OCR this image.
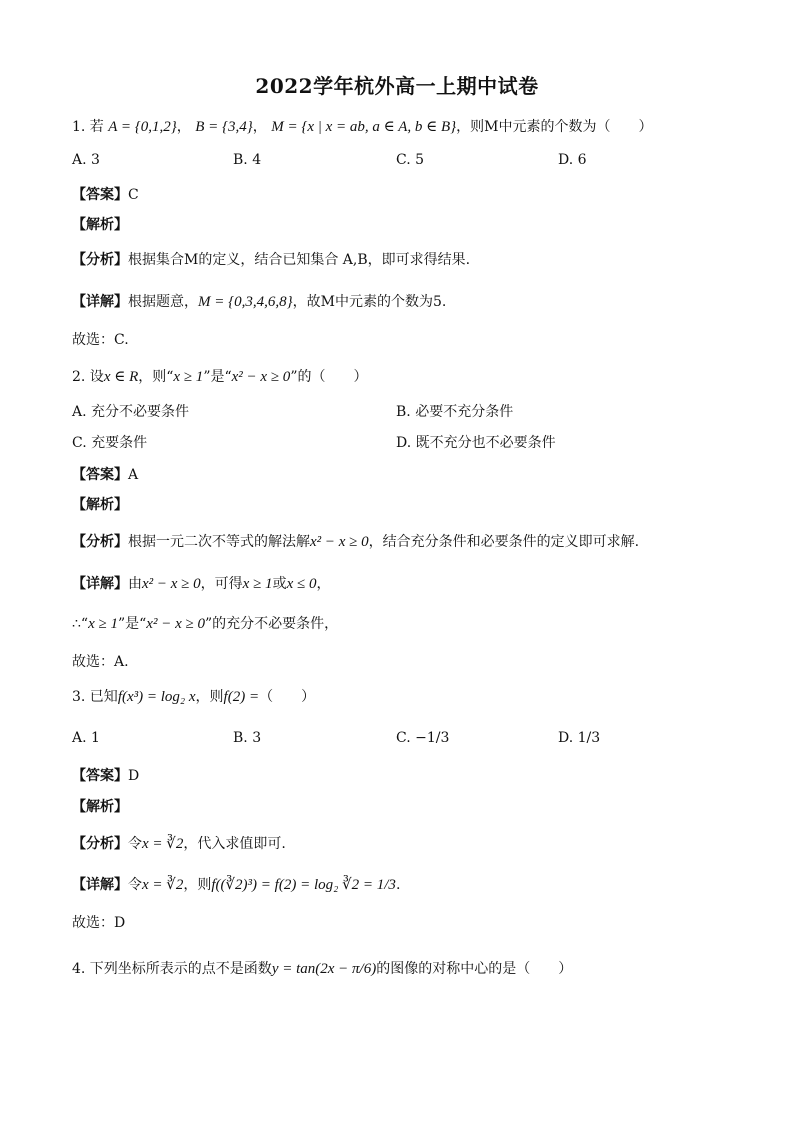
2022学年杭外高一上期中试卷
1. 若 A = {0,1,2}， B = {3,4}， M = {x | x = ab, a ∈ A, b ∈ B}，则M中元素的个数为（　　）
A. 3	B. 4	C. 5	D. 6
【答案】C
【解析】
【分析】根据集合M的定义，结合已知集合 A,B，即可求得结果.
【详解】根据题意，M = {0,3,4,6,8}，故M中元素的个数为5.
故选：C.
2. 设x ∈ R，则“x ≥ 1”是“x² − x ≥ 0”的（　　）
A. 充分不必要条件	B. 必要不充分条件
C. 充要条件	D. 既不充分也不必要条件
【答案】A
【解析】
【分析】根据一元二次不等式的解法解x² − x ≥ 0，结合充分条件和必要条件的定义即可求解.
【详解】由x² − x ≥ 0，可得x ≥ 1或x ≤ 0，
∴“x ≥ 1”是“x² − x ≥ 0”的充分不必要条件，
故选：A.
3. 已知f(x³) = log₂ x，则f(2) =（　　）
A. 1	B. 3	C. −1/3	D. 1/3
【答案】D
【解析】
【分析】令x = ∛2，代入求值即可.
【详解】令x = ∛2，则f((∛2)³) = f(2) = log₂ ∛2 = 1/3.
故选：D
4. 下列坐标所表示的点不是函数y = tan(2x − π/6)的图像的对称中心的是（　　）
